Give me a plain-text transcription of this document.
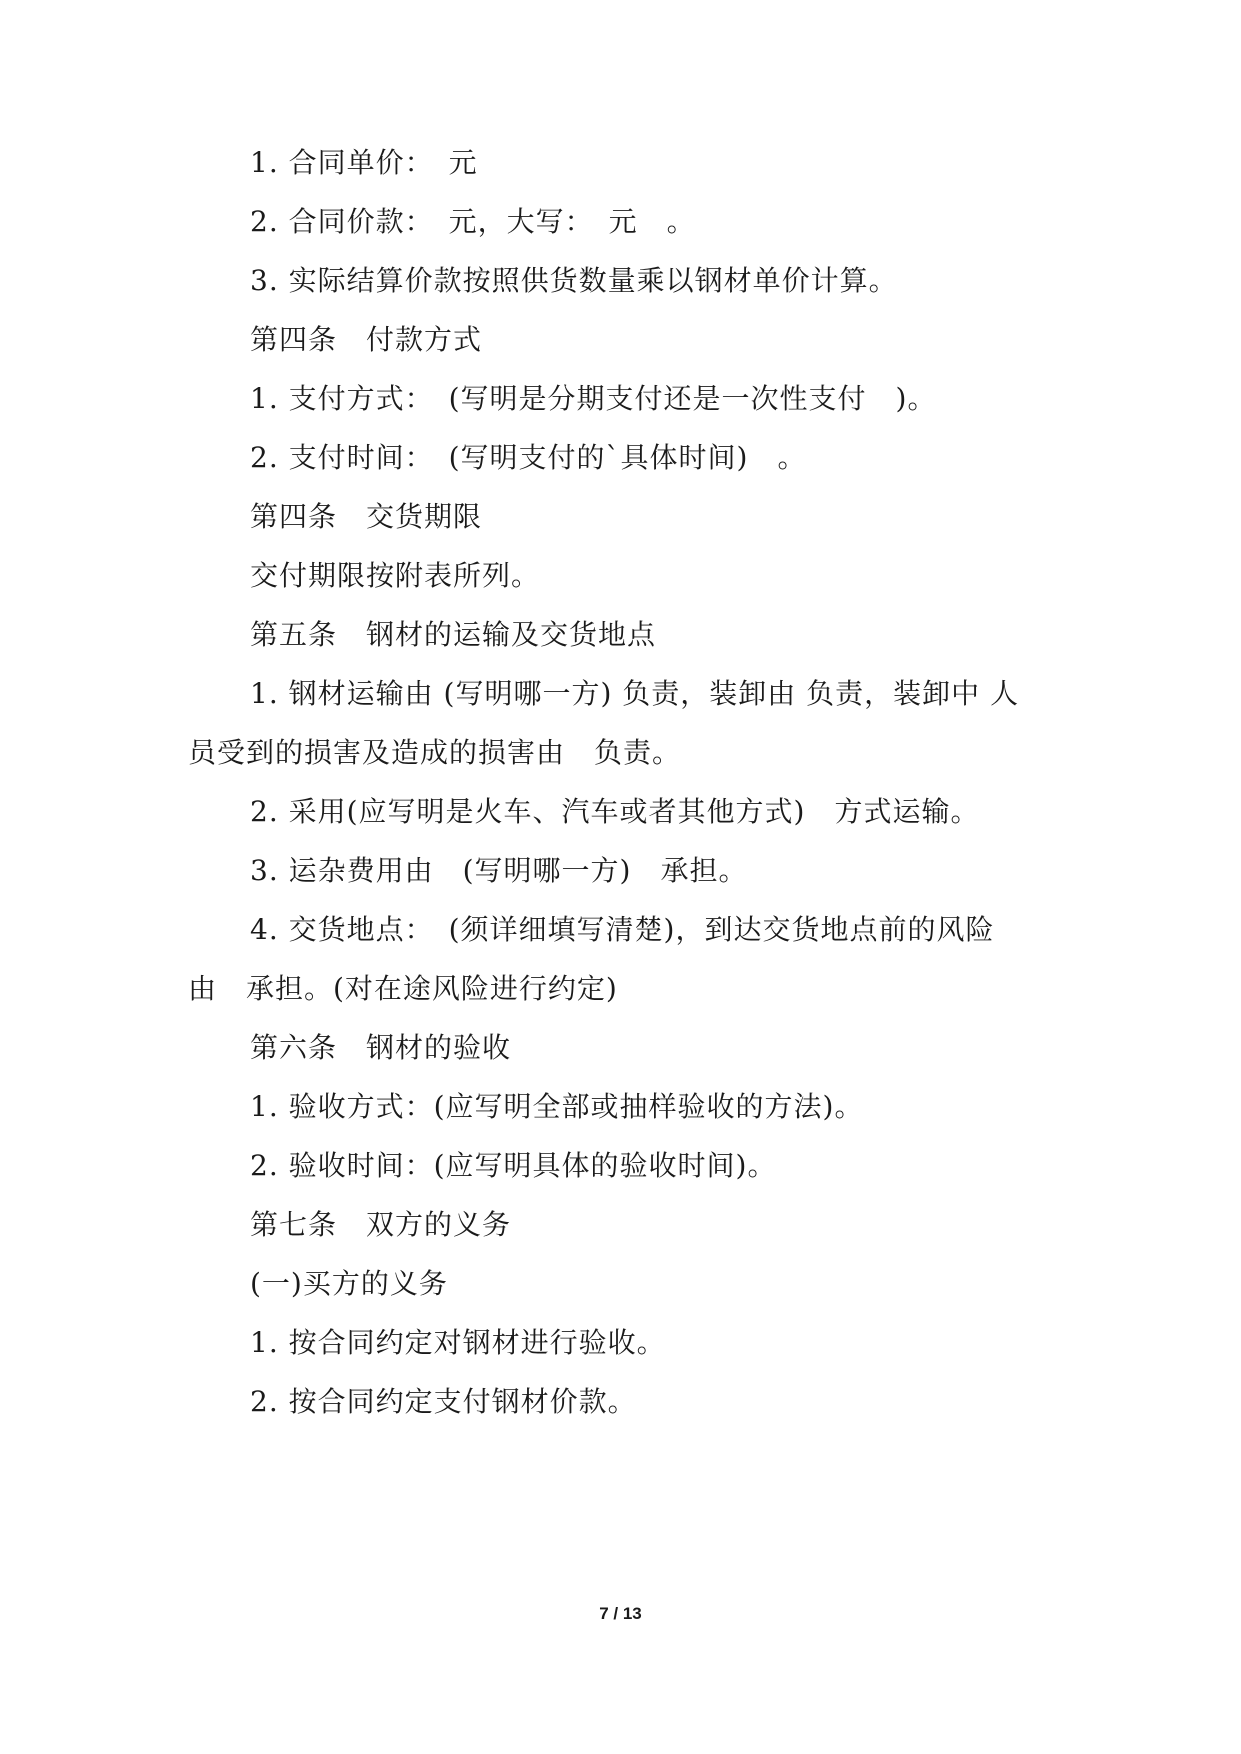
1. 合同单价：　元
2. 合同价款：　元，大写：　元　。
3. 实际结算价款按照供货数量乘以钢材单价计算。
第四条　付款方式
1. 支付方式：　(写明是分期支付还是一次性支付　)。
2. 支付时间：　(写明支付的`具体时间)　。
第四条　交货期限
交付期限按附表所列。
第五条　钢材的运输及交货地点
1. 钢材运输由 (写明哪一方) 负责，装卸由 负责，装卸中 人
员受到的损害及造成的损害由　负责。
2. 采用(应写明是火车、汽车或者其他方式)　方式运输。
3. 运杂费用由　(写明哪一方)　承担。
4. 交货地点：　(须详细填写清楚)，到达交货地点前的风险
由　承担。(对在途风险进行约定)
第六条　钢材的验收
1. 验收方式：(应写明全部或抽样验收的方法)。
2. 验收时间：(应写明具体的验收时间)。
第七条　双方的义务
(一)买方的义务
1. 按合同约定对钢材进行验收。
2. 按合同约定支付钢材价款。
7 / 13
